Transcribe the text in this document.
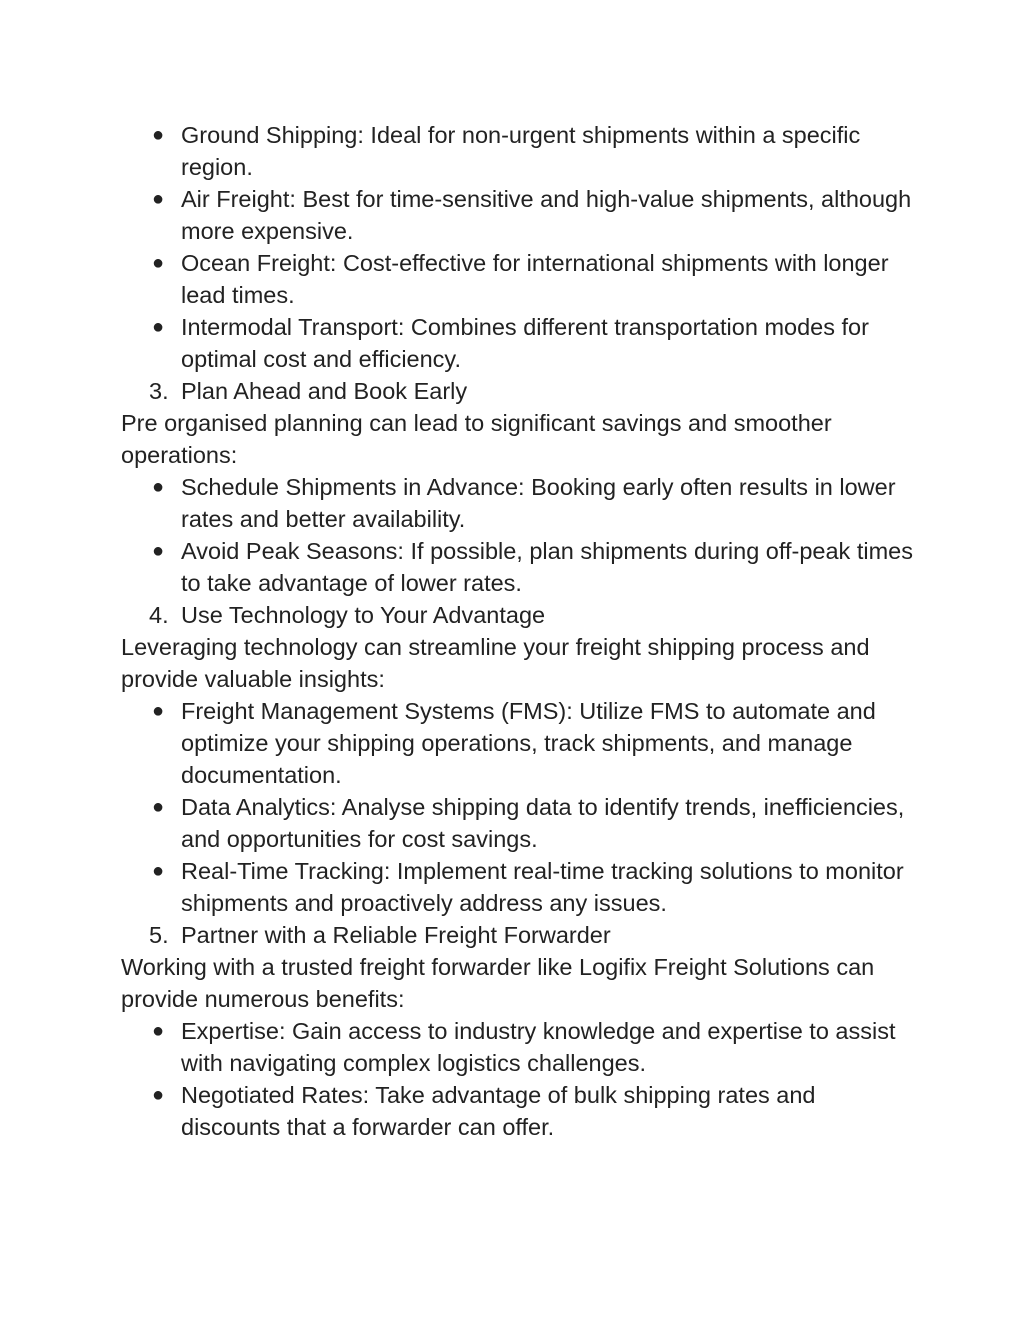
● Ground Shipping: Ideal for non-urgent shipments within a specific region.
● Air Freight: Best for time-sensitive and high-value shipments, although more expensive.
● Ocean Freight: Cost-effective for international shipments with longer lead times.
● Intermodal Transport: Combines different transportation modes for optimal cost and efficiency.
3. Plan Ahead and Book Early
Pre organised planning can lead to significant savings and smoother operations:
● Schedule Shipments in Advance: Booking early often results in lower rates and better availability.
● Avoid Peak Seasons: If possible, plan shipments during off-peak times to take advantage of lower rates.
4. Use Technology to Your Advantage
Leveraging technology can streamline your freight shipping process and provide valuable insights:
● Freight Management Systems (FMS): Utilize FMS to automate and optimize your shipping operations, track shipments, and manage documentation.
● Data Analytics: Analyse shipping data to identify trends, inefficiencies, and opportunities for cost savings.
● Real-Time Tracking: Implement real-time tracking solutions to monitor shipments and proactively address any issues.
5. Partner with a Reliable Freight Forwarder
Working with a trusted freight forwarder like Logifix Freight Solutions can provide numerous benefits:
● Expertise: Gain access to industry knowledge and expertise to assist with navigating complex logistics challenges.
● Negotiated Rates: Take advantage of bulk shipping rates and discounts that a forwarder can offer.
